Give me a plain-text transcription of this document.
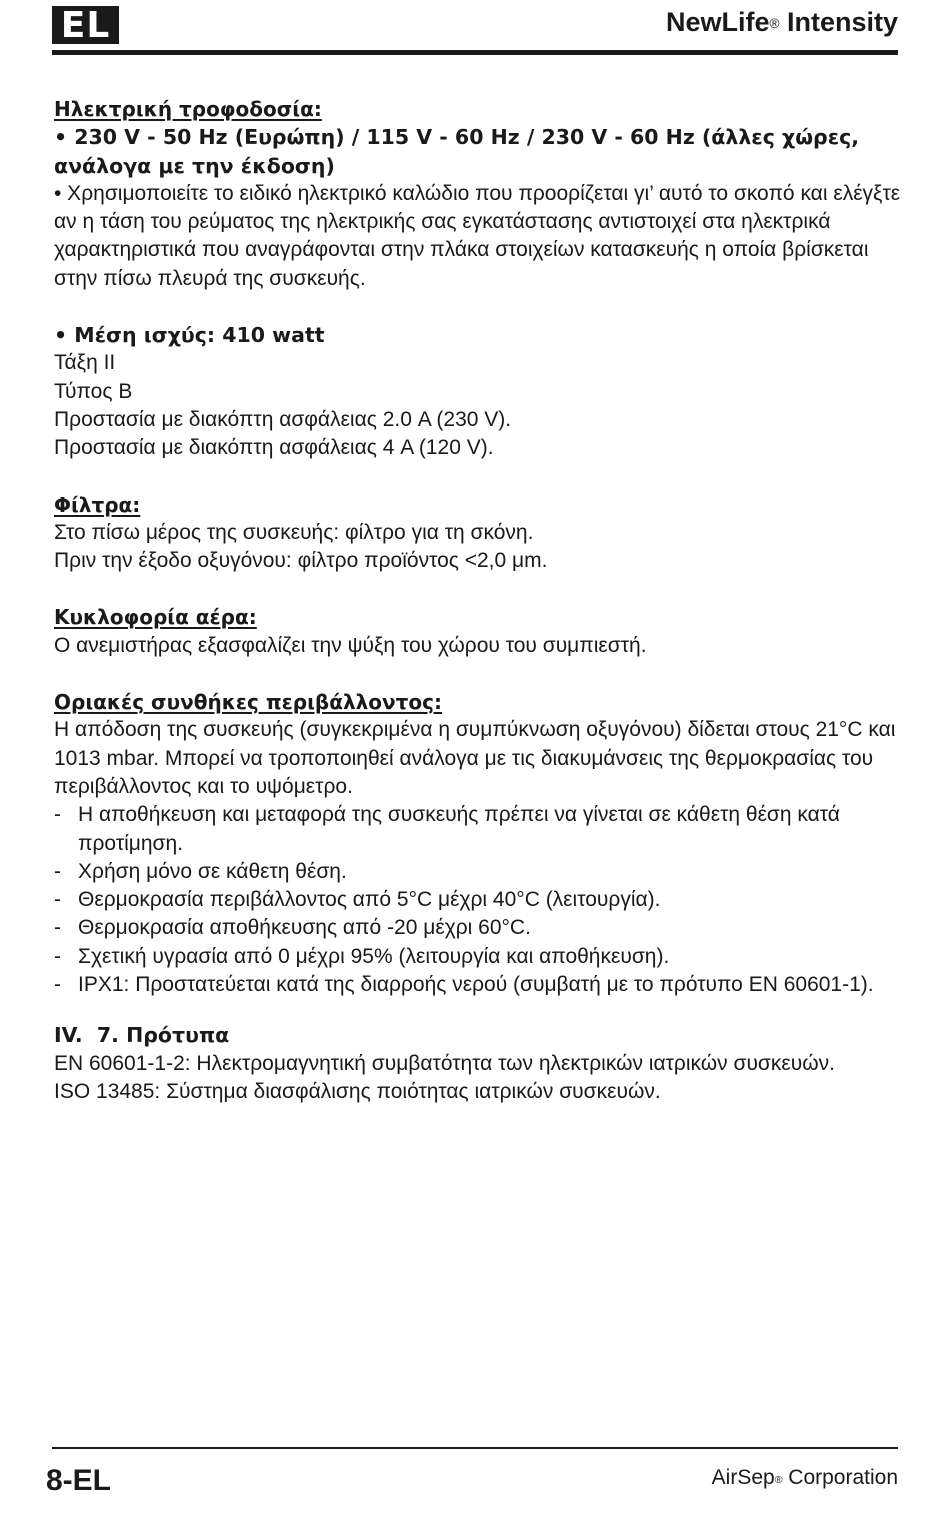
EL	NewLife® Intensity

Ηλεκτρική τροφοδοσία:

• 230 V - 50 Hz (Ευρώπη) / 115 V - 60 Hz / 230 V - 60 Hz (άλλες χώρες, ανάλογα με την έκδοση)

• Χρησιμοποιείτε το ειδικό ηλεκτρικό καλώδιο που προορίζεται γι’ αυτό το σκοπό και ελέγξτε αν η τάση του ρεύματος της ηλεκτρικής σας εγκατάστασης αντιστοιχεί στα ηλεκτρικά χαρακτηριστικά που αναγράφονται στην πλάκα στοιχείων κατασκευής η οποία βρίσκεται στην πίσω πλευρά της συσκευής.

• Μέση ισχύς: 410 watt

Τάξη II

Τύπος B

Προστασία με διακόπτη ασφάλειας 2.0 A (230 V).

Προστασία με διακόπτη ασφάλειας 4 A (120 V).

Φίλτρα:

Στο πίσω μέρος της συσκευής: φίλτρο για τη σκόνη.

Πριν την έξοδο οξυγόνου: φίλτρο προϊόντος <2,0 μm.

Κυκλοφορία αέρα:

Ο ανεμιστήρας εξασφαλίζει την ψύξη του χώρου του συμπιεστή.

Οριακές συνθήκες περιβάλλοντος:

Η απόδοση της συσκευής (συγκεκριμένα η συμπύκνωση οξυγόνου) δίδεται στους 21°C και 1013 mbar. Μπορεί να τροποποιηθεί ανάλογα με τις διακυμάνσεις της θερμοκρασίας του περιβάλλοντος και το υψόμετρο.

- Η αποθήκευση και μεταφορά της συσκευής πρέπει να γίνεται σε κάθετη θέση κατά προτίμηση.
- Χρήση μόνο σε κάθετη θέση.
- Θερμοκρασία περιβάλλοντος από 5°C μέχρι 40°C (λειτουργία).
- Θερμοκρασία αποθήκευσης από -20 μέχρι 60°C.
- Σχετική υγρασία από 0 μέχρι 95% (λειτουργία και αποθήκευση).
- IPX1: Προστατεύεται κατά της διαρροής νερού (συμβατή με το πρότυπο EN 60601-1).

IV.  7. Πρότυπα

EN 60601-1-2: Ηλεκτρομαγνητική συμβατότητα των ηλεκτρικών ιατρικών συσκευών.

ISO 13485: Σύστημα διασφάλισης ποιότητας ιατρικών συσκευών.

8-EL	AirSep® Corporation
